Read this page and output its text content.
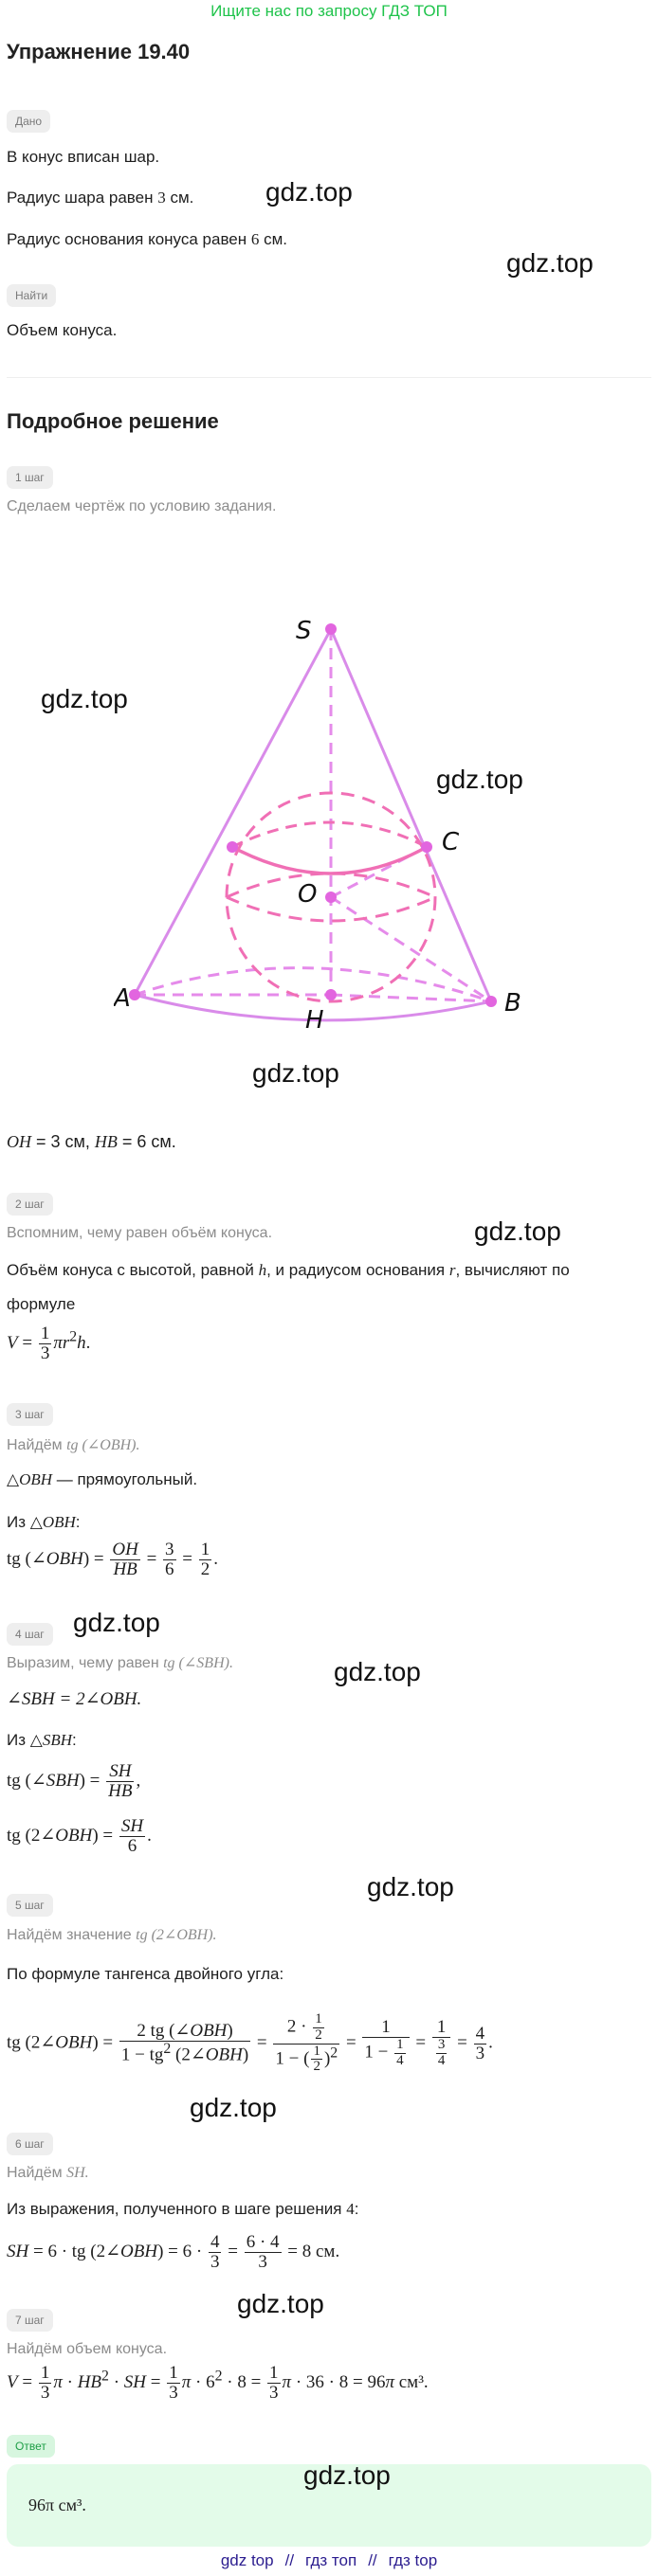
Ищите нас по запросу ГДЗ ТОП
Упражнение 19.40
Дано
В конус вписан шар.
Радиус шара равен 3 см.
Радиус основания конуса равен 6 см.
Найти
Объем конуса.
Подробное решение
1 шаг
Сделаем чертёж по условию задания.
S
C
O
A
H
B
OH = 3 см, HB = 6 см.
2 шаг
Вспомним, чему равен объём конуса.
Объём конуса с высотой, равной h, и радиусом основания r, вычисляют по
формуле
$V = \frac{1}{3} \pi r^2h$.
3 шаг
Найдём tg (∠OBH).
△OBH — прямоугольный.
Из △OBH:
tg (∠OBH) = $\frac{OH}{HB} = \frac{3}{6} = \frac{1}{2}$ .
4 шаг
Выразим, чему равен tg (∠SBH).
∠SBH = 2∠OBH.
Из △SBH:
tg (∠SBH) = $\frac{SH}{HB}$ ,
tg (2∠OBH) = $\frac{SH}{6}$ .
5 шаг
Найдём значение tg (2∠OBH).
По формуле тангенса двойного угла:
tg (2∠OBH) = $\frac{\text{2 tg (∠OBH)}}{1 - tg^2 (2\angle OBH)} = \frac{2 \cdot \frac{1}{2}}{1 - ( \frac{1}{2} )^2} = \frac{1}{1 - \frac{1}{4}} = \frac{1}{\frac{3}{4}} = \frac{4}{3}$ .
6 шаг
Найдём SH.
Из выражения, полученного в шаге решения 4:
SH = 6 · tg (2∠OBH) = $6 \cdot \frac{4}{3} = \frac{6 \cdot 4}{3} = 8$ см.
7 шаг
Найдём объем конуса.
$V = \frac{1}{3}$ $\pi \cdot HB^2$ · SH = $\frac{1}{3}$ $\pi \cdot 6^2 \cdot 8 = \frac{1}{3}$ π · 36 · 8 = 96π см³.
Ответ
96π см³.
gdz.top
gdz.top
gdz.top
gdz.top
gdz.top
gdz.top
gdz.top
gdz.top
gdz.top
gdz.top
gdz.top
gdz.top
gdz top // гдз топ // гдз top
